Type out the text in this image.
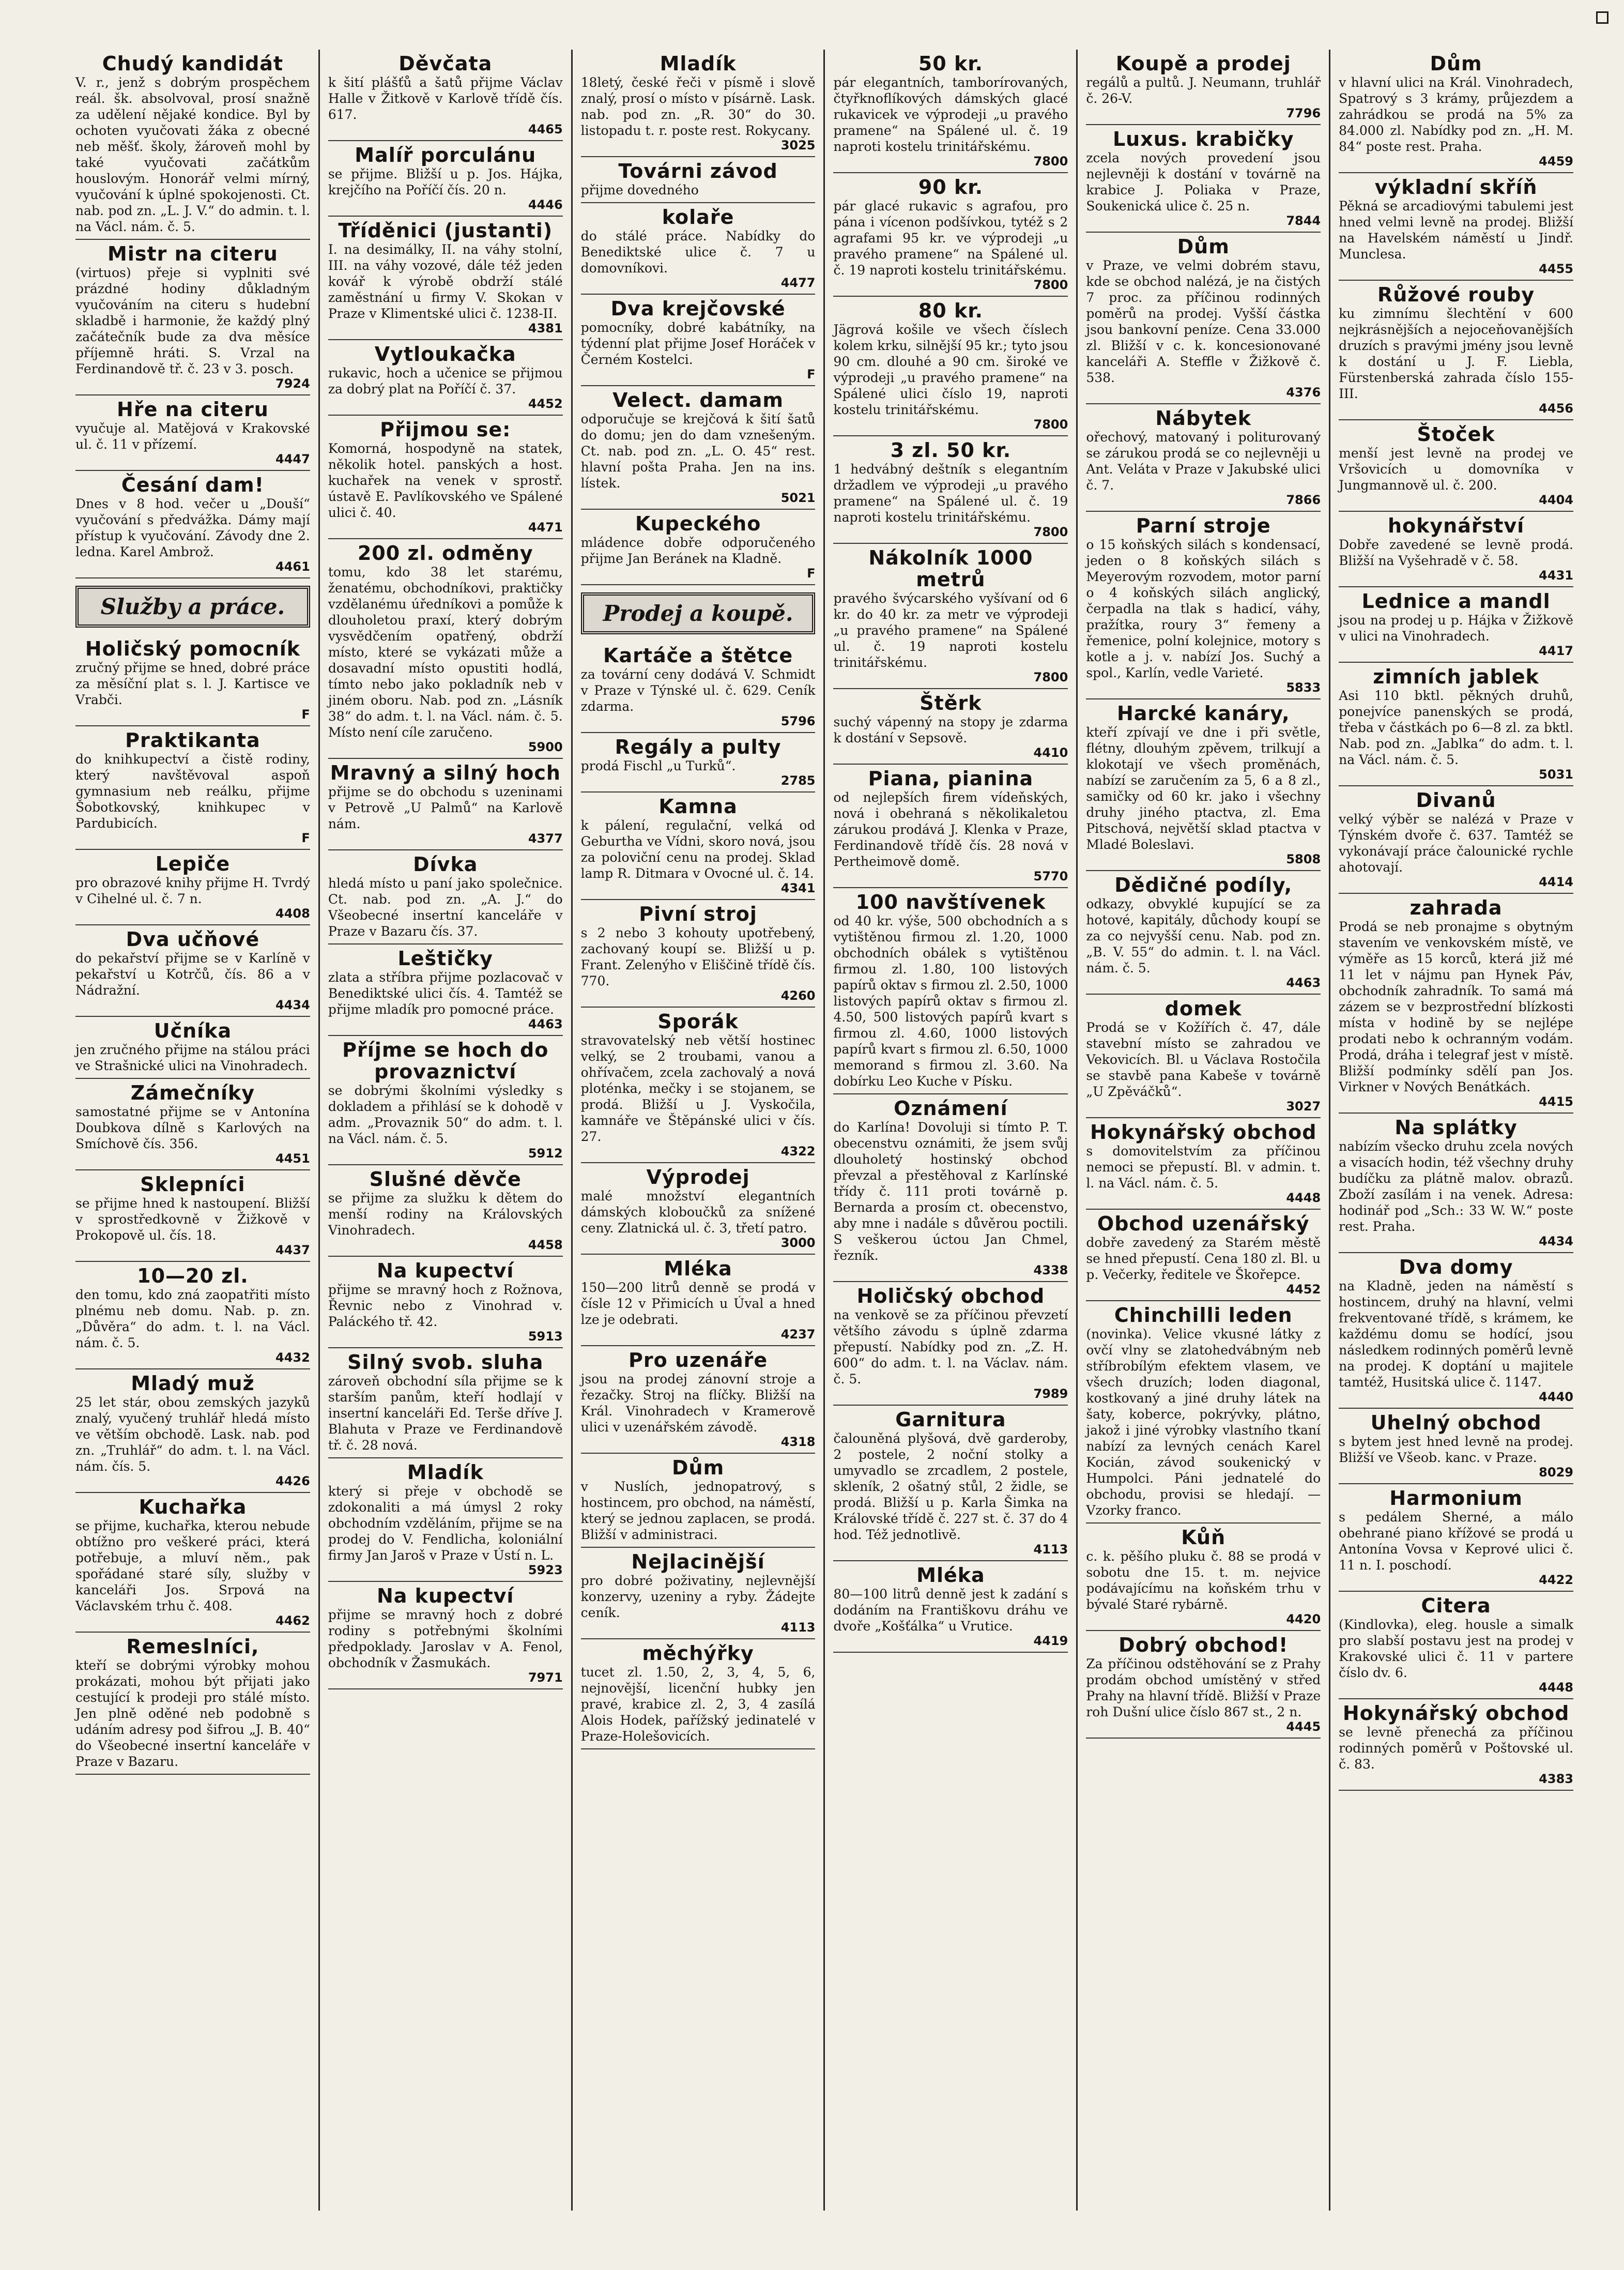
Chudý kandidát
V. r., jenž s dobrým prospěchem reál. šk. absolvoval, prosí snažně za udělení nějaké kondice. Byl by ochoten vyučovati žáka z obecné neb měšť. školy, žároveň mohl by také vyučovati začátkům houslovým. Honorář velmi mírný, vyučování k úplné spokojenosti. Ct. nab. pod zn. „L. J. V.“ do admin. t. l. na Václ. nám. č. 5.
Mistr na citeru
(virtuos) přeje si vyplniti své prázdné hodiny důkladným vyučováním na citeru s hudební skladbě i harmonie, že každý plný začátečník bude za dva měsíce příjemně hráti. S. Vrzal na Ferdinandově tř. č. 23 v 3. posch.
7924
Hře na citeru
vyučuje al. Matějová v Krakovské ul. č. 11 v přízemí.
4447
Česání dam!
Dnes v 8 hod. večer u „Douší“ vyučování s předvážka. Dámy mají přístup k vyučování. Závody dne 2. ledna. Karel Ambrož.
4461
Služby a práce.
Holičský pomocník
zručný přijme se hned, dobré práce za měsíční plat s. l. J. Kartisce ve Vrabči.
F
Praktikanta
do knihkupectví a čistě rodiny, který navštěvoval aspoň gymnasium neb reálku, přijme Šobotkovský, knihkupec v Pardubicích.
F
Lepiče
pro obrazové knihy přijme H. Tvrdý v Cihelné ul. č. 7 n.
4408
Dva učňové
do pekařství přijme se v Karlíně v pekařství u Kotrčů, čís. 86 a v Nádražní.
4434
Učníka
jen zručného přijme na stálou práci ve Strašnické ulici na Vinohradech.
Zámečníky
samostatné přijme se v Antonína Doubkova dílně s Karlových na Smíchově čís. 356.
4451
Sklepníci
se přijme hned k nastoupení. Bližší v sprostředkovně v Žižkově v Prokopově ul. čís. 18.
4437
10—20 zl.
den tomu, kdo zná zaopatřiti místo plnému neb domu. Nab. p. zn. „Důvěra“ do adm. t. l. na Václ. nám. č. 5.
4432
Mladý muž
25 let stár, obou zemských jazyků znalý, vyučený truhlář hledá místo ve větším obchodě. Lask. nab. pod zn. „Truhlář“ do adm. t. l. na Václ. nám. čís. 5.
4426
Kuchařka
se přijme, kuchařka, kterou nebude obtížno pro veškeré práci, která potřebuje, a mluví něm., pak spořádané staré síly, služby v kanceláři Jos. Srpová na Václavském trhu č. 408.
4462
Remeslníci,
kteří se dobrými výrobky mohou prokázati, mohou být přijati jako cestující k prodeji pro stálé místo. Jen plně oděné neb podobně s udáním adresy pod šifrou „J. B. 40“ do Všeobecné insertní kanceláře v Praze v Bazaru.
Děvčata
k šití plášťů a šatů přijme Václav Halle v Žitkově v Karlově třídě čís. 617.
4465
Malíř porculánu
se přijme. Bližší u p. Jos. Hájka, krejčího na Poříčí čís. 20 n.
4446
Tříděnici (justanti)
I. na desimálky, II. na váhy stolní, III. na váhy vozové, dále též jeden kovář k výrobě obdrží stálé zaměstnání u firmy V. Skokan v Praze v Klimentské ulici č. 1238-II.
4381
Vytloukačka
rukavic, hoch a učenice se přijmou za dobrý plat na Poříčí č. 37.
4452
Přijmou se:
Komorná, hospodyně na statek, několik hotel. panských a host. kuchařek na venek v sprostř. ústavě E. Pavlíkovského ve Spálené ulici č. 40.
4471
200 zl. odměny
tomu, kdo 38 let starému, ženatému, obchodníkovi, praktičky vzdělanému úředníkovi a pomůže k dlouholetou praxí, který dobrým vysvědčením opatřený, obdrží místo, které se vykázati může a dosavadní místo opustiti hodlá, tímto nebo jako pokladník neb v jiném oboru. Nab. pod zn. „Lásník 38“ do adm. t. l. na Václ. nám. č. 5. Místo není cíle zaručeno.
5900
Mravný a silný hoch
přijme se do obchodu s uzeninami v Petrově „U Palmů“ na Karlově nám.
4377
Dívka
hledá místo u paní jako společnice. Ct. nab. pod zn. „A. J.“ do Všeobecné insertní kanceláře v Praze v Bazaru čís. 37.
Leštičky
zlata a stříbra přijme pozlacovač v Benediktské ulici čís. 4. Tamtéž se přijme mladík pro pomocné práce.
4463
Příjme se hoch do provaznictví
se dobrými školními výsledky s dokladem a přihlásí se k dohodě v adm. „Provaznik 50“ do adm. t. l. na Václ. nám. č. 5.
5912
Slušné děvče
se přijme za služku k dětem do menší rodiny na Královských Vinohradech.
4458
Na kupectví
přijme se mravný hoch z Rožnova, Řevnic nebo z Vinohrad v. Paláckého tř. 42.
5913
Silný svob. sluha
zároveň obchodní síla přijme se k starším panům, kteří hodlají v insertní kanceláři Ed. Terše dříve J. Blahuta v Praze ve Ferdinandově tř. č. 28 nová.
Mladík
který si přeje v obchodě se zdokonaliti a má úmysl 2 roky obchodním vzděláním, přijme se na prodej do V. Fendlicha, koloniální firmy Jan Jaroš v Praze v Ústí n. L.
5923
Na kupectví
přijme se mravný hoch z dobré rodiny s potřebnými školními předpoklady. Jaroslav v A. Fenol, obchodník v Žasmukách.
7971
Mladík
18letý, české řeči v písmě i slově znalý, prosí o místo v písárně. Lask. nab. pod zn. „R. 30“ do 30. listopadu t. r. poste rest. Rokycany.
3025
Továrni závod
přijme dovedného
kolaře
do stálé práce. Nabídky do Benediktské ulice č. 7 u domovníkovi.
4477
Dva krejčovské
pomocníky, dobré kabátníky, na týdenní plat přijme Josef Horáček v Černém Kostelci.
F
Velect. damam
odporučuje se krejčová k šití šatů do domu; jen do dam vznešeným. Ct. nab. pod zn. „L. O. 45“ rest. hlavní pošta Praha. Jen na ins. lístek.
5021
Kupeckého
mládence dobře odporučeného přijme Jan Beránek na Kladně.
F
Prodej a koupě.
Kartáče a štětce
za tovární ceny dodává V. Schmidt v Praze v Týnské ul. č. 629. Ceník zdarma.
5796
Regály a pulty
prodá Fischl „u Turků“.
2785
Kamna
k pálení, regulační, velká od Geburtha ve Vídni, skoro nová, jsou za poloviční cenu na prodej. Sklad lamp R. Ditmara v Ovocné ul. č. 14.
4341
Pivní stroj
s 2 nebo 3 kohouty upotřebený, zachovaný koupí se. Bližší u p. Frant. Zelenýho v Eliščině třídě čís. 770.
4260
Sporák
stravovatelský neb větší hostinec velký, se 2 troubami, vanou a ohřívačem, zcela zachovalý a nová ploténka, mečky i se stojanem, se prodá. Bližší u J. Vyskočila, kamnáře ve Štěpánské ulici v čís. 27.
4322
Výprodej
malé množství elegantních dámských kloboučků za snížené ceny. Zlatnická ul. č. 3, třetí patro.
3000
Mléka
150—200 litrů denně se prodá v čísle 12 v Přimicích u Úval a hned lze je odebrati.
4237
Pro uzenáře
jsou na prodej zánovní stroje a řezačky. Stroj na flíčky. Bližší na Král. Vinohradech v Kramerově ulici v uzenářském závodě.
4318
Dům
v Nuslích, jednopatrový, s hostincem, pro obchod, na náměstí, který se jednou zaplacen, se prodá. Bližší v administraci.
Nejlacinější
pro dobré poživatiny, nejlevnější konzervy, uzeniny a ryby. Žádejte ceník.
4113
měchýřky
tucet zl. 1.50, 2, 3, 4, 5, 6, nejnovější, licenční hubky jen pravé, krabice zl. 2, 3, 4 zasílá Alois Hodek, pařížský jedinatelé v Praze-Holešovicích.
50 kr.
pár elegantních, tamborírovaných, čtyřknoflíkových dámských glacé rukavicek ve výprodeji „u pravého pramene“ na Spálené ul. č. 19 naproti kostelu trinitářskému.
7800
90 kr.
pár glacé rukavic s agrafou, pro pána i vícenon podšívkou, tytéž s 2 agrafami 95 kr. ve výprodeji „u pravého pramene“ na Spálené ul. č. 19 naproti kostelu trinitářskému.
7800
80 kr.
Jägrová košile ve všech číslech kolem krku, silnější 95 kr.; tyto jsou 90 cm. dlouhé a 90 cm. široké ve výprodeji „u pravého pramene“ na Spálené ulici číslo 19, naproti kostelu trinitářskému.
7800
3 zl. 50 kr.
1 hedvábný deštník s elegantním držadlem ve výprodeji „u pravého pramene“ na Spálené ul. č. 19 naproti kostelu trinitářskému.
7800
Nákolník 1000 metrů
pravého švýcarského vyšívaní od 6 kr. do 40 kr. za metr ve výprodeji „u pravého pramene“ na Spálené ul. č. 19 naproti kostelu trinitářskému.
7800
Štěrk
suchý vápenný na stopy je zdarma k dostání v Sepsově.
4410
Piana, pianina
od nejlepších firem vídeňských, nová i obehraná s několikaletou zárukou prodává J. Klenka v Praze, Ferdinandově třídě čís. 28 nová v Pertheimově domě.
5770
100 navštívenek
od 40 kr. výše, 500 obchodních a s vytištěnou firmou zl. 1.20, 1000 obchodních obálek s vytištěnou firmou zl. 1.80, 100 listových papírů oktav s firmou zl. 2.50, 1000 listových papírů oktav s firmou zl. 4.50, 500 listových papírů kvart s firmou zl. 4.60, 1000 listových papírů kvart s firmou zl. 6.50, 1000 memorand s firmou zl. 3.60. Na dobírku Leo Kuche v Písku.
Oznámení
do Karlína! Dovoluji si tímto P. T. obecenstvu oznámiti, že jsem svůj dlouholetý hostinský obchod převzal a přestěhoval z Karlínské třídy č. 111 proti továrně p. Bernarda a prosím ct. obecenstvo, aby mne i nadále s důvěrou poctili. S veškerou úctou Jan Chmel, řezník.
4338
Holičský obchod
na venkově se za příčinou převzetí většího závodu s úplně zdarma přepustí. Nabídky pod zn. „Z. H. 600“ do adm. t. l. na Václav. nám. č. 5.
7989
Garnitura
čalouněná plyšová, dvě garderoby, 2 postele, 2 noční stolky a umyvadlo se zrcadlem, 2 postele, skleník, 2 ošatný stůl, 2 židle, se prodá. Bližší u p. Karla Šimka na Královské třídě č. 227 st. č. 37 do 4 hod. Též jednotlivě.
4113
Mléka
80—100 litrů denně jest k zadání s dodáním na Františkovu dráhu ve dvoře „Košťálka“ u Vrutice.
4419
Koupě a prodej
regálů a pultů. J. Neumann, truhlář č. 26-V.
7796
Luxus. krabičky
zcela nových provedení jsou nejlevněji k dostání v továrně na krabice J. Poliaka v Praze, Soukenická ulice č. 25 n.
7844
Dům
v Praze, ve velmi dobrém stavu, kde se obchod nalézá, je na čistých 7 proc. za příčinou rodinných poměrů na prodej. Vyšší částka jsou bankovní peníze. Cena 33.000 zl. Bližší v c. k. koncesionované kanceláři A. Steffle v Žižkově č. 538.
4376
Nábytek
ořechový, matovaný i politurovaný se zárukou prodá se co nejlevněji u Ant. Veláta v Praze v Jakubské ulici č. 7.
7866
Parní stroje
o 15 koňských silách s kondensací, jeden o 8 koňských silách s Meyerovým rozvodem, motor parní o 4 koňských silách anglický, čerpadla na tlak s hadicí, váhy, pražítka, roury 3“ řemeny a řemenice, polní kolejnice, motory s kotle a j. v. nabízí Jos. Suchý a spol., Karlín, vedle Varieté.
5833
Harcké kanáry,
kteří zpívají ve dne i při světle, flétny, dlouhým zpěvem, trilkují a klokotají ve všech proměnách, nabízí se zaručením za 5, 6 a 8 zl., samičky od 60 kr. jako i všechny druhy jiného ptactva, zl. Ema Pitschová, největší sklad ptactva v Mladé Boleslavi.
5808
Dědičné podíly,
odkazy, obvyklé kupující se za hotové, kapitály, důchody koupí se za co nejvyšší cenu. Nab. pod zn. „B. V. 55“ do admin. t. l. na Václ. nám. č. 5.
4463
domek
Prodá se v Kožířích č. 47, dále stavební místo se zahradou ve Vekovicích. Bl. u Václava Rostočila se stavbě pana Kabeše v továrně „U Zpěváčků“.
3027
Hokynářský obchod
s domovitelstvím za příčinou nemoci se přepustí. Bl. v admin. t. l. na Václ. nám. č. 5.
4448
Obchod uzenářský
dobře zavedený za Starém městě se hned přepustí. Cena 180 zl. Bl. u p. Večerky, ředitele ve Škořepce.
4452
Chinchilli leden
(novinka). Velice vkusné látky z ovčí vlny se zlatohedvábným neb stříbrobílým efektem vlasem, ve všech druzích; loden diagonal, kostkovaný a jiné druhy látek na šaty, koberce, pokrývky, plátno, jakož i jiné výrobky vlastního tkaní nabízí za levných cenách Karel Kocián, závod soukenický v Humpolci. Páni jednatelé do obchodu, provisi se hledají. — Vzorky franco.
Kůň
c. k. pěšího pluku č. 88 se prodá v sobotu dne 15. t. m. nejvice podávajícímu na koňském trhu v bývalé Staré rybárně.
4420
Dobrý obchod!
Za příčinou odstěhování se z Prahy prodám obchod umístěný v střed Prahy na hlavní třídě. Bližší v Praze roh Dušní ulice číslo 867 st., 2 n.
4445
Dům
v hlavní ulici na Král. Vinohradech, Spatrový s 3 krámy, průjezdem a zahrádkou se prodá na 5% za 84.000 zl. Nabídky pod zn. „H. M. 84“ poste rest. Praha.
4459
výkladní skříň
Pěkná se arcadiovými tabulemi jest hned velmi levně na prodej. Bližší na Havelském náměstí u Jindř. Munclesa.
4455
Růžové rouby
ku zimnímu šlechtění v 600 nejkrásnějších a nejoceňovanějších druzích s pravými jmény jsou levně k dostání u J. F. Liebla, Fürstenberská zahrada číslo 155-III.
4456
Štoček
menší jest levně na prodej ve Vršovicích u domovníka v Jungmannově ul. č. 200.
4404
hokynářství
Dobře zavedené se levně prodá. Bližší na Vyšehradě v č. 58.
4431
Lednice a mandl
jsou na prodej u p. Hájka v Žižkově v ulici na Vinohradech.
4417
zimních jablek
Asi 110 bktl. pěkných druhů, ponejvíce panenských se prodá, třeba v částkách po 6—8 zl. za bktl. Nab. pod zn. „Jablka“ do adm. t. l. na Václ. nám. č. 5.
5031
Divanů
velký výběr se nalézá v Praze v Týnském dvoře č. 637. Tamtéž se vykonávají práce čalounické rychle ahotovají.
4414
zahrada
Prodá se neb pronajme s obytným stavením ve venkovském místě, ve výměře as 15 korců, která již mé 11 let v nájmu pan Hynek Páv, obchodník zahradník. To samá má zázem se v bezprostřední blízkosti místa v hodině by se nejlépe prodati nebo k ochranným vodám. Prodá, dráha i telegraf jest v místě. Bližší podmínky sdělí pan Jos. Virkner v Nových Benátkách.
4415
Na splátky
nabízím všecko druhu zcela nových a visacích hodin, též všechny druhy budíčku za plátně malov. obrazů. Zboží zasílám i na venek. Adresa: hodinář pod „Sch.: 33 W. W.“ poste rest. Praha.
4434
Dva domy
na Kladně, jeden na náměstí s hostincem, druhý na hlavní, velmi frekventované třídě, s krámem, ke každému domu se hodící, jsou následkem rodinných poměrů levně na prodej. K doptání u majitele tamtéž, Husitská ulice č. 1147.
4440
Uhelný obchod
s bytem jest hned levně na prodej. Bližší ve Všeob. kanc. v Praze.
8029
Harmonium
s pedálem Sherné, a málo obehrané piano křížové se prodá u Antonína Vovsa v Keprové ulici č. 11 n. I. poschodí.
4422
Citera
(Kindlovka), eleg. housle a simalk pro slabší postavu jest na prodej v Krakovské ulici č. 11 v partere číslo dv. 6.
4448
Hokynářský obchod
se levně přenechá za příčinou rodinných poměrů v Poštovské ul. č. 83.
4383
